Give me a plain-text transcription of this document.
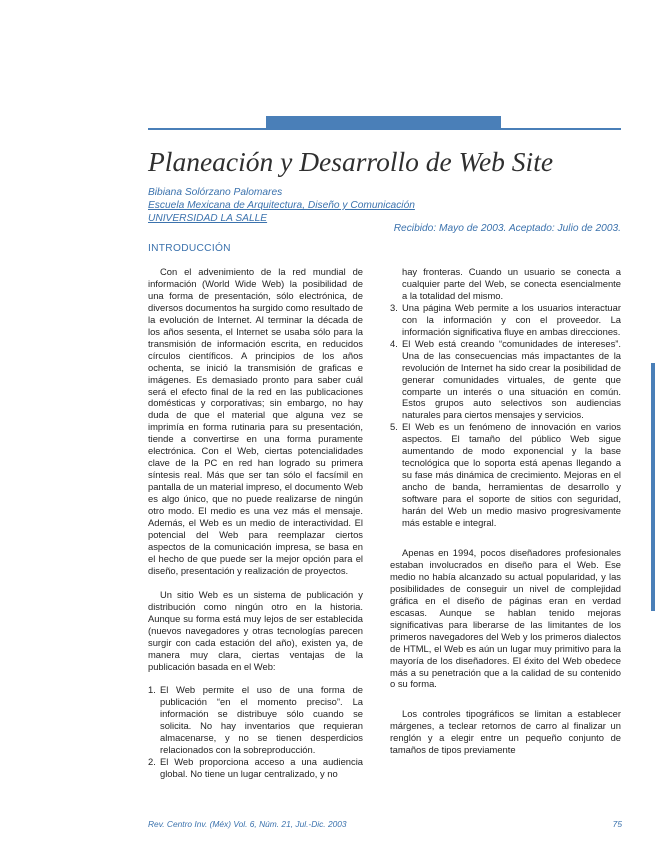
Planeación y Desarrollo de Web Site
Bibiana Solórzano Palomares
Escuela Mexicana de Arquitectura, Diseño y Comunicación
UNIVERSIDAD LA SALLE
Recibido: Mayo de 2003. Aceptado: Julio de 2003.
INTRODUCCIÓN

Con el advenimiento de la red mundial de información (World Wide Web) la posibilidad de una forma de presentación, sólo electrónica, de diversos documentos ha surgido como resultado de la evolución de Internet. Al terminar la década de los años sesenta, el Internet se usaba sólo para la transmisión de información escrita, en reducidos círculos científicos. A principios de los años ochenta, se inició la transmisión de graficas e imágenes. Es demasiado pronto para saber cuál será el efecto final de la red en las publicaciones domésticas y corporativas; sin embargo, no hay duda de que el material que alguna vez se imprimía en forma rutinaria para su presentación, tiende a convertirse en una forma puramente electrónica. Con el Web, ciertas potencialidades clave de la PC en red han logrado su primera síntesis real. Más que ser tan sólo el facsímil en pantalla de un material impreso, el documento Web es algo único, que no puede realizarse de ningún otro modo. El medio es una vez más el mensaje. Además, el Web es un medio de interactividad. El potencial del Web para reemplazar ciertos aspectos de la comunicación impresa, se basa en el hecho de que puede ser la mejor opción para el diseño, presentación y realización de proyectos.

Un sitio Web es un sistema de publicación y distribución como ningún otro en la historia. Aunque su forma está muy lejos de ser establecida (nuevos navegadores y otras tecnologías parecen surgir con cada estación del año), existen ya, de manera muy clara, ciertas ventajas de la publicación basada en el Web:

1. El Web permite el uso de una forma de publicación “en el momento preciso”. La información se distribuye sólo cuando se solicita. No hay inventarios que requieran almacenarse, y no se tienen desperdicios relacionados con la sobreproducción.
2. El Web proporciona acceso a una audiencia global. No tiene un lugar centralizado, y no
hay fronteras. Cuando un usuario se conecta a cualquier parte del Web, se conecta esencialmente a la totalidad del mismo.
3. Una página Web permite a los usuarios interactuar con la información y con el proveedor. La información significativa fluye en ambas direcciones.
4. El Web está creando “comunidades de intereses”. Una de las consecuencias más impactantes de la revolución de Internet ha sido crear la posibilidad de generar comunidades virtuales, de gente que comparte un interés o una situación en común. Estos grupos auto selectivos son audiencias naturales para ciertos mensajes y servicios.
5. El Web es un fenómeno de innovación en varios aspectos. El tamaño del público Web sigue aumentando de modo exponencial y la base tecnológica que lo soporta está apenas llegando a su fase más dinámica de crecimiento. Mejoras en el ancho de banda, herramientas de desarrollo y software para el soporte de sitios con seguridad, harán del Web un medio masivo progresivamente más estable e integral.

Apenas en 1994, pocos diseñadores profesionales estaban involucrados en diseño para el Web. Ese medio no había alcanzado su actual popularidad, y las posibilidades de conseguir un nivel de complejidad gráfica en el diseño de páginas eran en verdad escasas. Aunque se hablan tenido mejoras significativas para liberarse de las limitantes de los primeros navegadores del Web y los primeros dialectos de HTML, el Web es aún un lugar muy primitivo para la mayoría de los diseñadores. El éxito del Web obedece más a su penetración que a la calidad de su contenido o su forma.

Los controles tipográficos se limitan a establecer márgenes, a teclear retornos de carro al finalizar un renglón y a elegir entre un pequeño conjunto de tamaños de tipos previamente

Rev. Centro Inv. (Méx) Vol. 6, Núm. 21, Jul.-Dic. 2003	75
